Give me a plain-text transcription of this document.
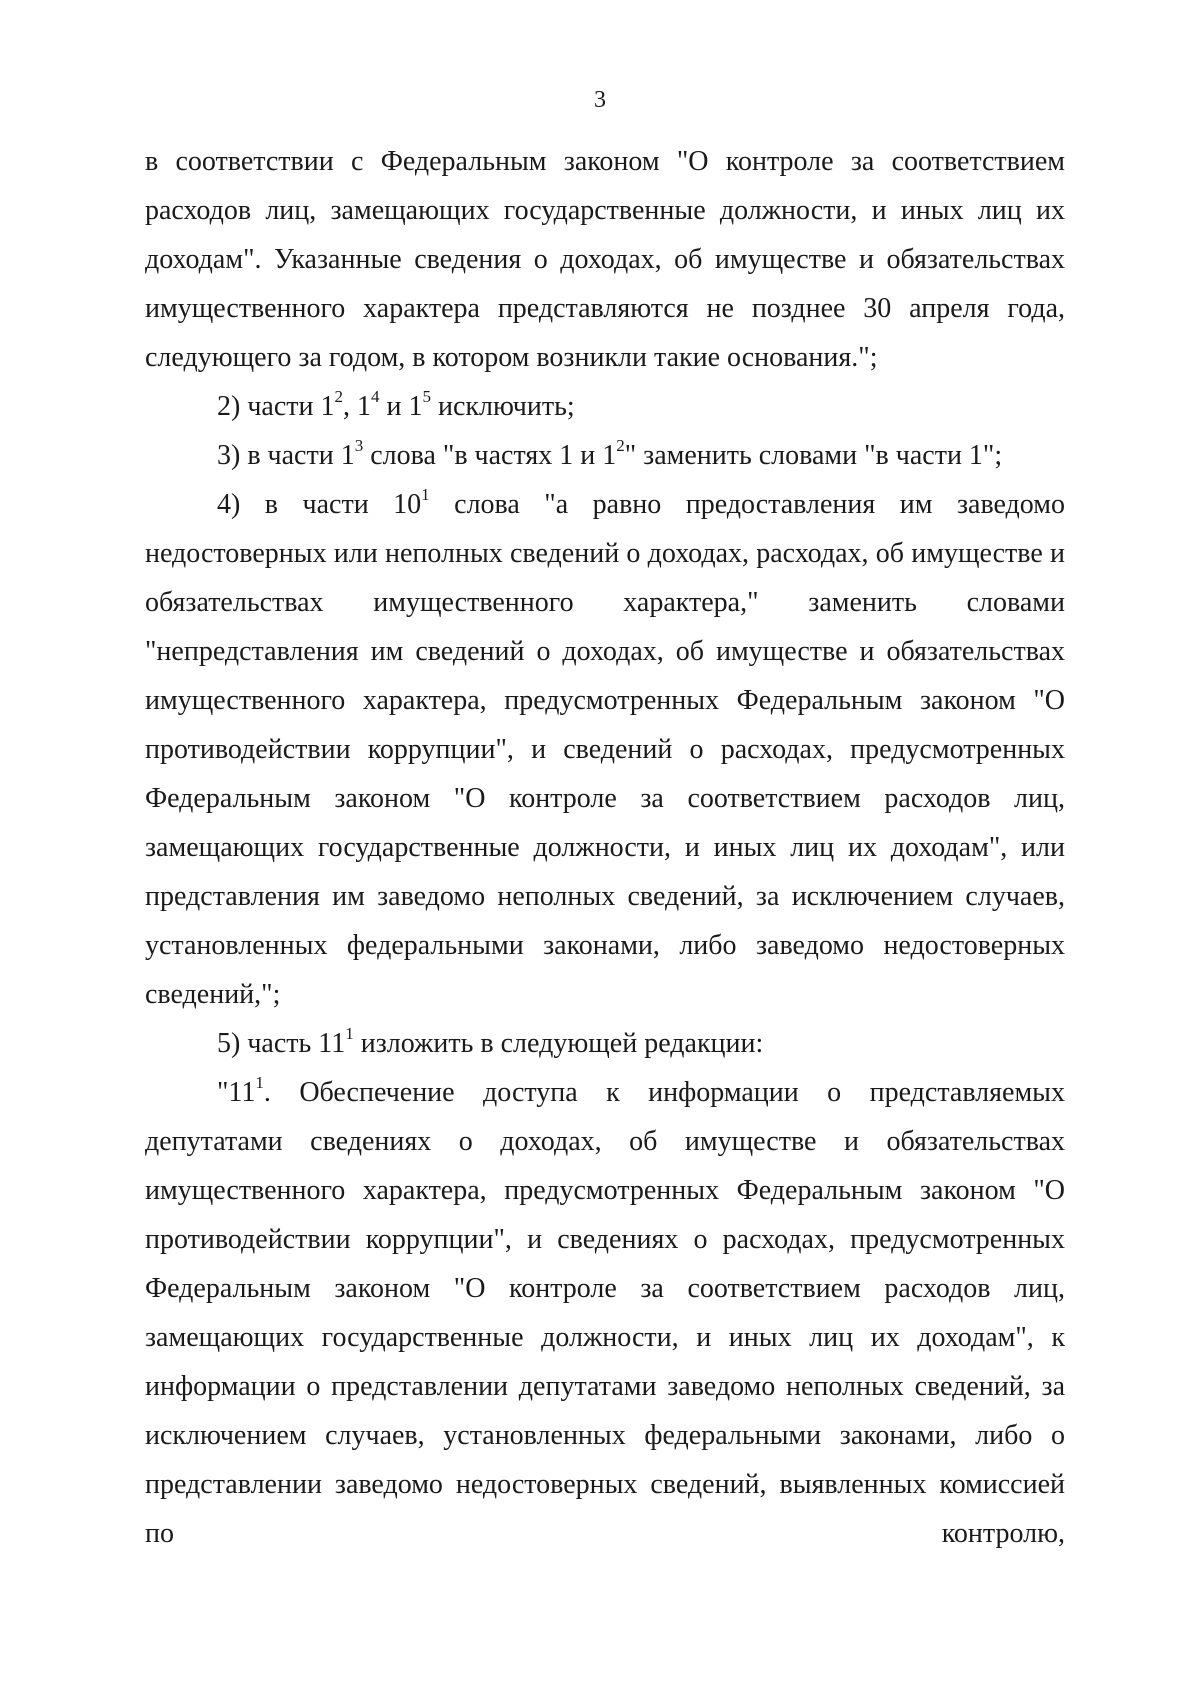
3

в соответствии с Федеральным законом "О контроле за соответствием расходов лиц, замещающих государственные должности, и иных лиц их доходам". Указанные сведения о доходах, об имуществе и обязательствах имущественного характера представляются не позднее 30 апреля года, следующего за годом, в котором возникли такие основания.";

2) части $1^2$, $1^4$ и $1^5$ исключить;

3) в части $1^3$ слова "в частях 1 и $1^2$" заменить словами "в части 1";

4) в части $10^1$ слова "а равно предоставления им заведомо недостоверных или неполных сведений о доходах, расходах, об имуществе и обязательствах имущественного характера," заменить словами "непредставления им сведений о доходах, об имуществе и обязательствах имущественного характера, предусмотренных Федеральным законом "О противодействии коррупции", и сведений о расходах, предусмотренных Федеральным законом "О контроле за соответствием расходов лиц, замещающих государственные должности, и иных лиц их доходам", или представления им заведомо неполных сведений, за исключением случаев, установленных федеральными законами, либо заведомо недостоверных сведений,";

5) часть $11^1$ изложить в следующей редакции:

"$11^1$. Обеспечение доступа к информации о представляемых депутатами сведениях о доходах, об имуществе и обязательствах имущественного характера, предусмотренных Федеральным законом "О противодействии коррупции", и сведениях о расходах, предусмотренных Федеральным законом "О контроле за соответствием расходов лиц, замещающих государственные должности, и иных лиц их доходам", к информации о представлении депутатами заведомо неполных сведений, за исключением случаев, установленных федеральными законами, либо о представлении заведомо недостоверных сведений, выявленных комиссией по контролю,
